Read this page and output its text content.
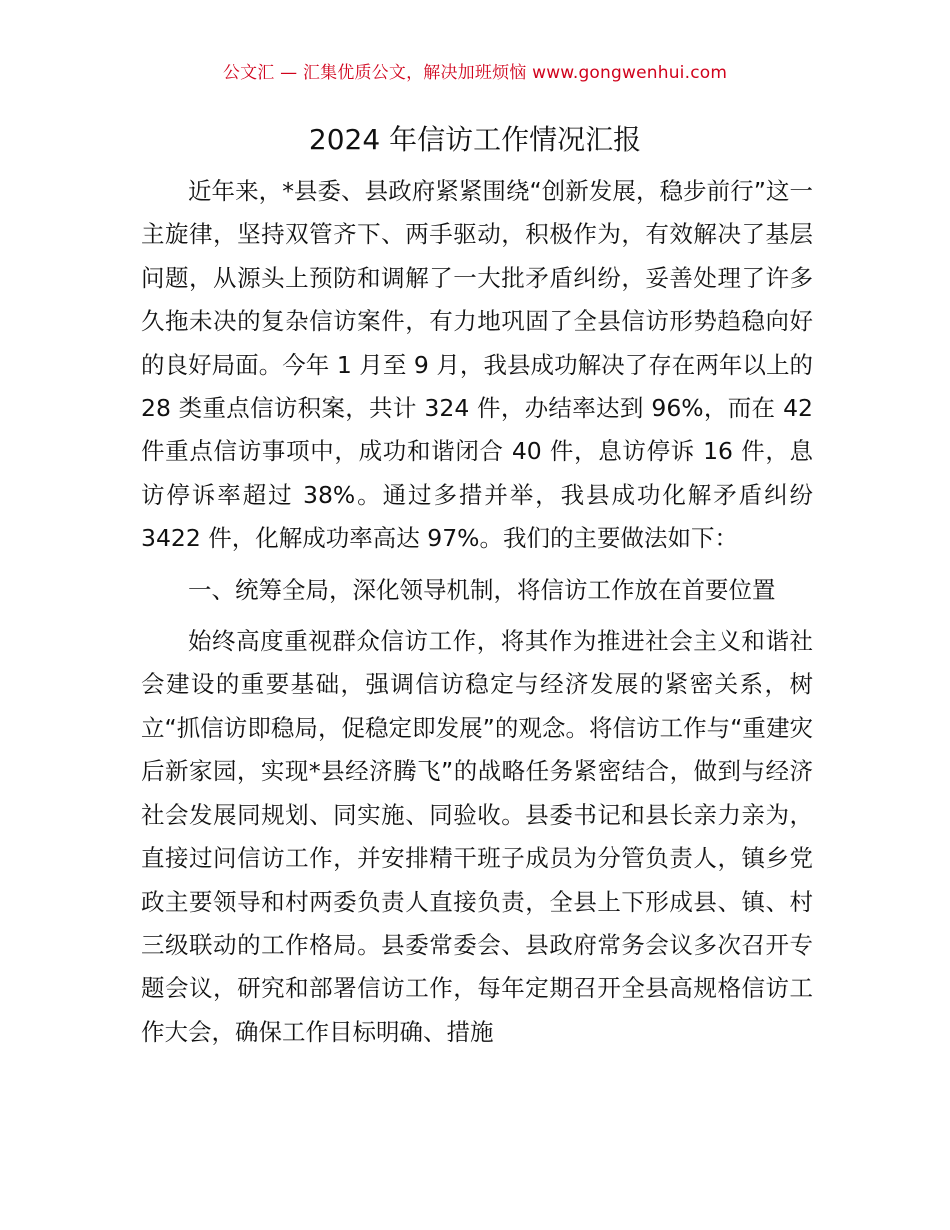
公文汇 — 汇集优质公文，解决加班烦恼 www.gongwenhui.com
2024 年信访工作情况汇报

近年来，*县委、县政府紧紧围绕“创新发展，稳步前行”这一主旋律，坚持双管齐下、两手驱动，积极作为，有效解决了基层问题，从源头上预防和调解了一大批矛盾纠纷，妥善处理了许多久拖未决的复杂信访案件，有力地巩固了全县信访形势趋稳向好的良好局面。今年 1 月至 9 月，我县成功解决了存在两年以上的 28 类重点信访积案，共计 324 件，办结率达到 96%，而在 42 件重点信访事项中，成功和谐闭合 40 件，息访停诉 16 件，息访停诉率超过 38%。通过多措并举，我县成功化解矛盾纠纷 3422 件，化解成功率高达 97%。我们的主要做法如下：

一、统筹全局，深化领导机制，将信访工作放在首要位置

始终高度重视群众信访工作，将其作为推进社会主义和谐社会建设的重要基础，强调信访稳定与经济发展的紧密关系，树立“抓信访即稳局，促稳定即发展”的观念。将信访工作与“重建灾后新家园，实现*县经济腾飞”的战略任务紧密结合，做到与经济社会发展同规划、同实施、同验收。县委书记和县长亲力亲为，直接过问信访工作，并安排精干班子成员为分管负责人，镇乡党政主要领导和村两委负责人直接负责，全县上下形成县、镇、村三级联动的工作格局。县委常委会、县政府常务会议多次召开专题会议，研究和部署信访工作，每年定期召开全县高规格信访工作大会，确保工作目标明确、措施
